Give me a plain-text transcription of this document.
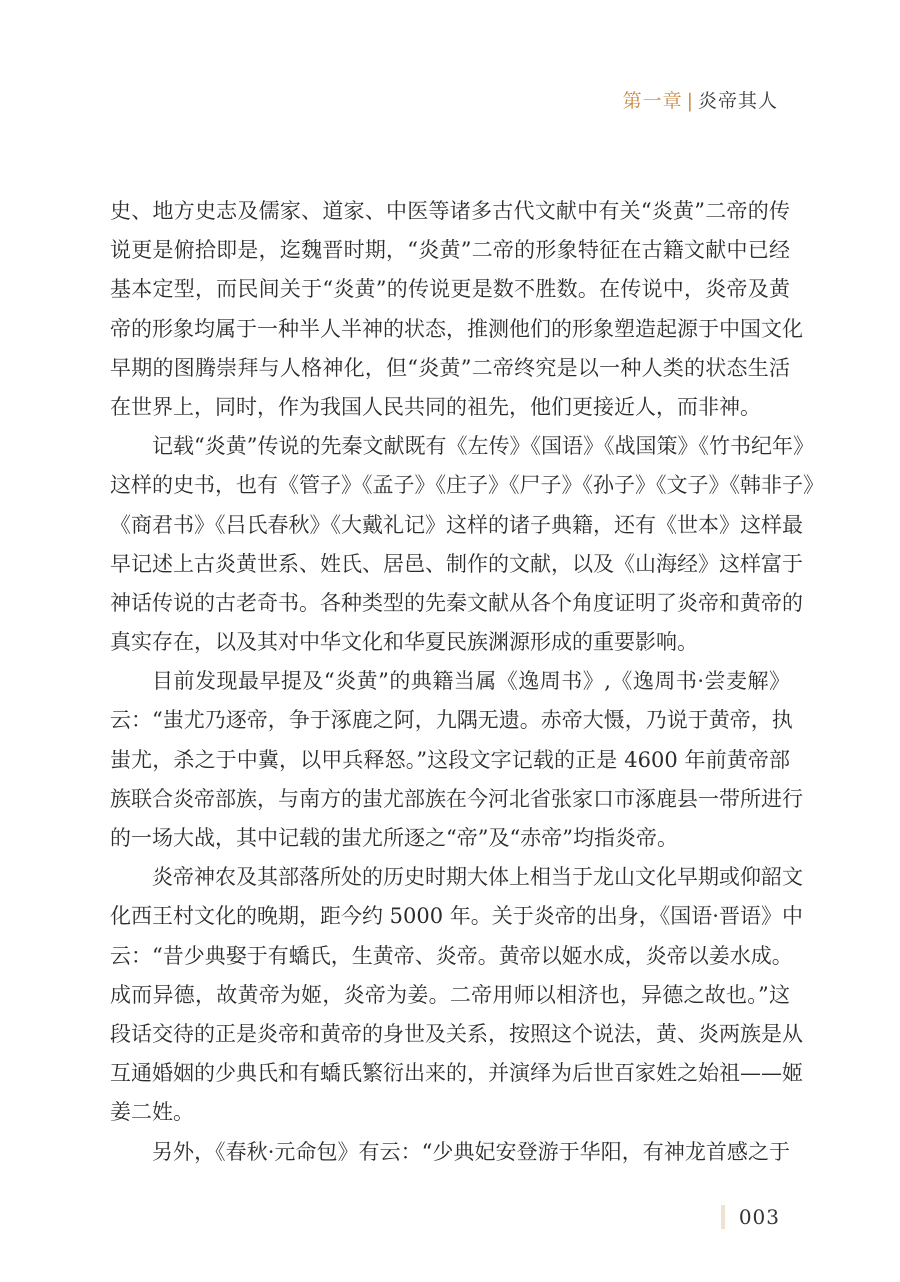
第一章 | 炎帝其人
史、地方史志及儒家、道家、中医等诸多古代文献中有关“炎黄”二帝的传
说更是俯拾即是，迄魏晋时期，“炎黄”二帝的形象特征在古籍文献中已经
基本定型，而民间关于“炎黄”的传说更是数不胜数。在传说中，炎帝及黄
帝的形象均属于一种半人半神的状态，推测他们的形象塑造起源于中国文化
早期的图腾崇拜与人格神化，但“炎黄”二帝终究是以一种人类的状态生活
在世界上，同时，作为我国人民共同的祖先，他们更接近人，而非神。
记载“炎黄”传说的先秦文献既有《左传》《国语》《战国策》《竹书纪年》
这样的史书，也有《管子》《孟子》《庄子》《尸子》《孙子》《文子》《韩非子》
《商君书》《吕氏春秋》《大戴礼记》这样的诸子典籍，还有《世本》这样最
早记述上古炎黄世系、姓氏、居邑、制作的文献，以及《山海经》这样富于
神话传说的古老奇书。各种类型的先秦文献从各个角度证明了炎帝和黄帝的
真实存在，以及其对中华文化和华夏民族渊源形成的重要影响。
目前发现最早提及“炎黄”的典籍当属《逸周书》,《逸周书·尝麦解》
云：“蚩尤乃逐帝，争于涿鹿之阿，九隅无遗。赤帝大慑，乃说于黄帝，执
蚩尤，杀之于中冀，以甲兵释怒。”这段文字记载的正是 4600 年前黄帝部
族联合炎帝部族，与南方的蚩尤部族在今河北省张家口市涿鹿县一带所进行
的一场大战，其中记载的蚩尤所逐之“帝”及“赤帝”均指炎帝。
炎帝神农及其部落所处的历史时期大体上相当于龙山文化早期或仰韶文
化西王村文化的晚期，距今约 5000 年。关于炎帝的出身，《国语·晋语》中
云：“昔少典娶于有蟜氏，生黄帝、炎帝。黄帝以姬水成，炎帝以姜水成。
成而异德，故黄帝为姬，炎帝为姜。二帝用师以相济也，异德之故也。”这
段话交待的正是炎帝和黄帝的身世及关系，按照这个说法，黄、炎两族是从
互通婚姻的少典氏和有蟜氏繁衍出来的，并演绎为后世百家姓之始祖——姬
姜二姓。
另外，《春秋·元命包》有云：“少典妃安登游于华阳，有神龙首感之于
003
